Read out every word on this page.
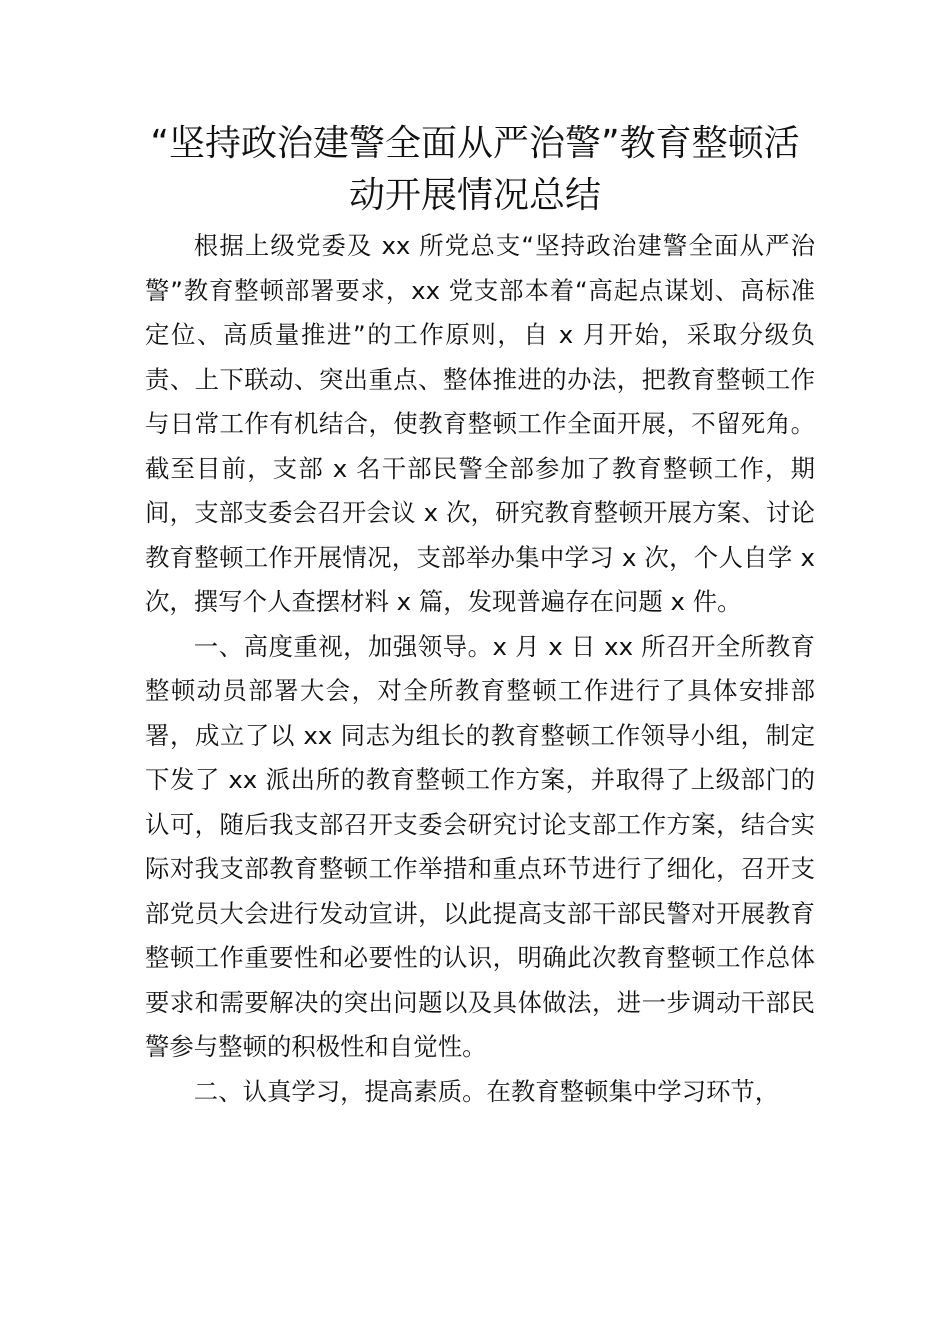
“坚持政治建警全面从严治警”教育整顿活
动开展情况总结

根据上级党委及 xx 所党总支“坚持政治建警全面从严治警”教育整顿部署要求，xx 党支部本着“高起点谋划、高标准定位、高质量推进”的工作原则，自 x 月开始，采取分级负责、上下联动、突出重点、整体推进的办法，把教育整顿工作与日常工作有机结合，使教育整顿工作全面开展，不留死角。截至目前，支部 x 名干部民警全部参加了教育整顿工作，期间，支部支委会召开会议 x 次，研究教育整顿开展方案、讨论教育整顿工作开展情况，支部举办集中学习 x 次，个人自学 x 次，撰写个人查摆材料 x 篇，发现普遍存在问题 x 件。

一、高度重视，加强领导。x 月 x 日 xx 所召开全所教育整顿动员部署大会，对全所教育整顿工作进行了具体安排部署，成立了以 xx 同志为组长的教育整顿工作领导小组，制定下发了 xx 派出所的教育整顿工作方案，并取得了上级部门的认可，随后我支部召开支委会研究讨论支部工作方案，结合实际对我支部教育整顿工作举措和重点环节进行了细化，召开支部党员大会进行发动宣讲，以此提高支部干部民警对开展教育整顿工作重要性和必要性的认识，明确此次教育整顿工作总体要求和需要解决的突出问题以及具体做法，进一步调动干部民警参与整顿的积极性和自觉性。

二、认真学习，提高素质。在教育整顿集中学习环节，
